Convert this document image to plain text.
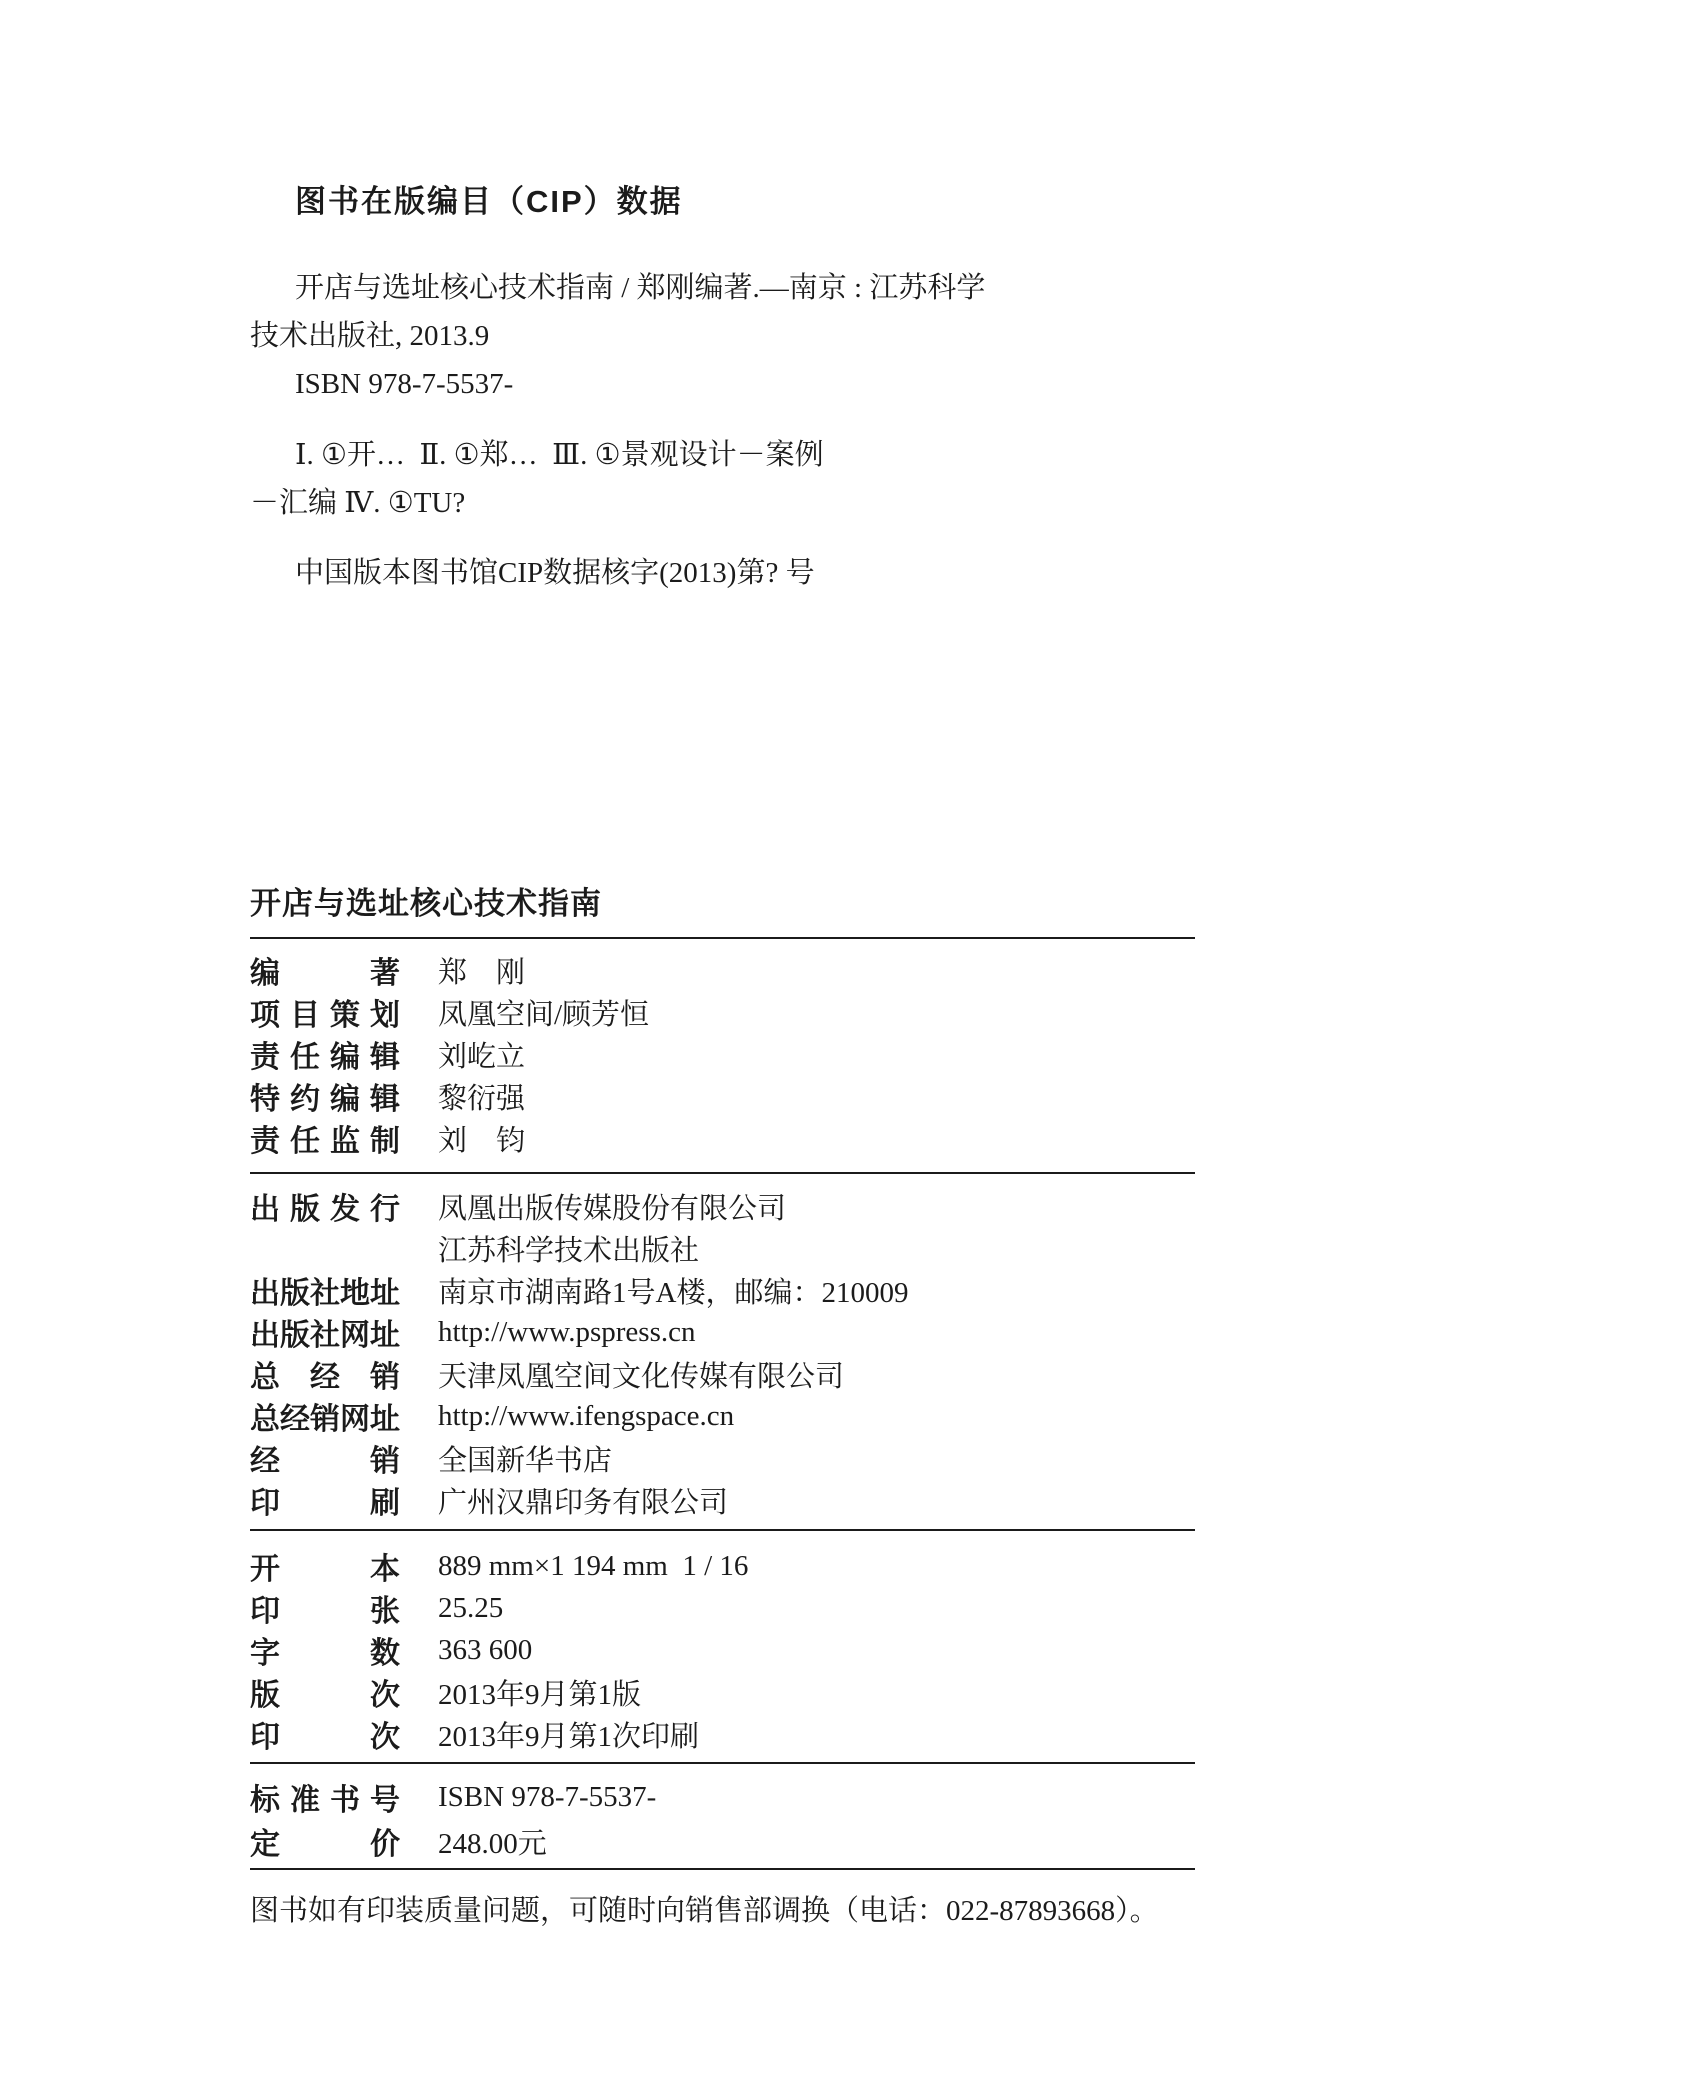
图书在版编目（CIP）数据
开店与选址核心技术指南 / 郑刚编著.—南京 : 江苏科学
技术出版社, 2013.9
ISBN 978-7-5537-
Ⅰ. ①开…  Ⅱ. ①郑…  Ⅲ. ①景观设计－案例
－汇编 Ⅳ. ①TU?
中国版本图书馆CIP数据核字(2013)第? 号
开店与选址核心技术指南
编 著 郑　刚
项 目 策 划 凤凰空间/顾芳恒
责 任 编 辑 刘屹立
特 约 编 辑 黎衍强
责 任 监 制 刘　钧
出 版 发 行 凤凰出版传媒股份有限公司
江苏科学技术出版社
出版社地址 南京市湖南路1号A楼，邮编：210009
出版社网址 http://www.pspress.cn
总 经 销 天津凤凰空间文化传媒有限公司
总经销网址 http://www.ifengspace.cn
经 销 全国新华书店
印 刷 广州汉鼎印务有限公司
开 本 889 mm×1 194 mm  1 / 16
印 张 25.25
字 数 363 600
版 次 2013年9月第1版
印 次 2013年9月第1次印刷
标 准 书 号 ISBN 978-7-5537-
定 价 248.00元
图书如有印装质量问题，可随时向销售部调换（电话：022-87893668）。
